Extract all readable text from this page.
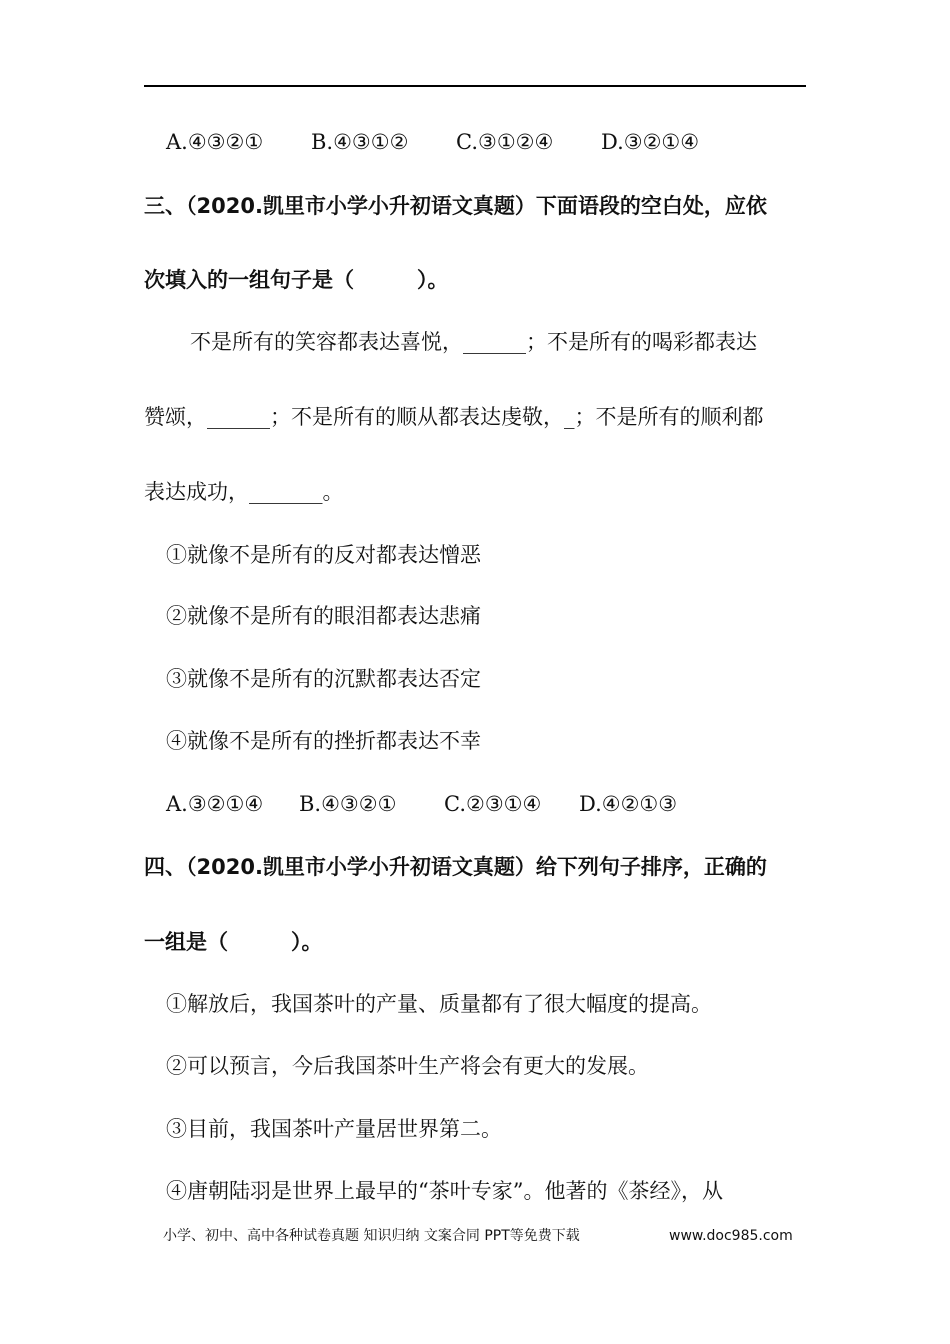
A.④③②① B.④③①② C.③①②④ D.③②①④
三、（2020.凯里市小学小升初语文真题）下面语段的空白处，应依
次填入的一组句子是（　　　）。
不是所有的笑容都表达喜悦，______；不是所有的喝彩都表达
赞颂，______；不是所有的顺从都表达虔敬，_；不是所有的顺利都
表达成功，_______。
①就像不是所有的反对都表达憎恶
②就像不是所有的眼泪都表达悲痛
③就像不是所有的沉默都表达否定
④就像不是所有的挫折都表达不幸
A.③②①④ B.④③②① C.②③①④ D.④②①③
四、（2020.凯里市小学小升初语文真题）给下列句子排序，正确的
一组是（　　　）。
①解放后，我国茶叶的产量、质量都有了很大幅度的提高。
②可以预言，今后我国茶叶生产将会有更大的发展。
③目前，我国茶叶产量居世界第二。
④唐朝陆羽是世界上最早的“茶叶专家”。他著的《茶经》，从
小学、初中、高中各种试卷真题 知识归纳 文案合同 PPT等免费下载	www.doc985.com
